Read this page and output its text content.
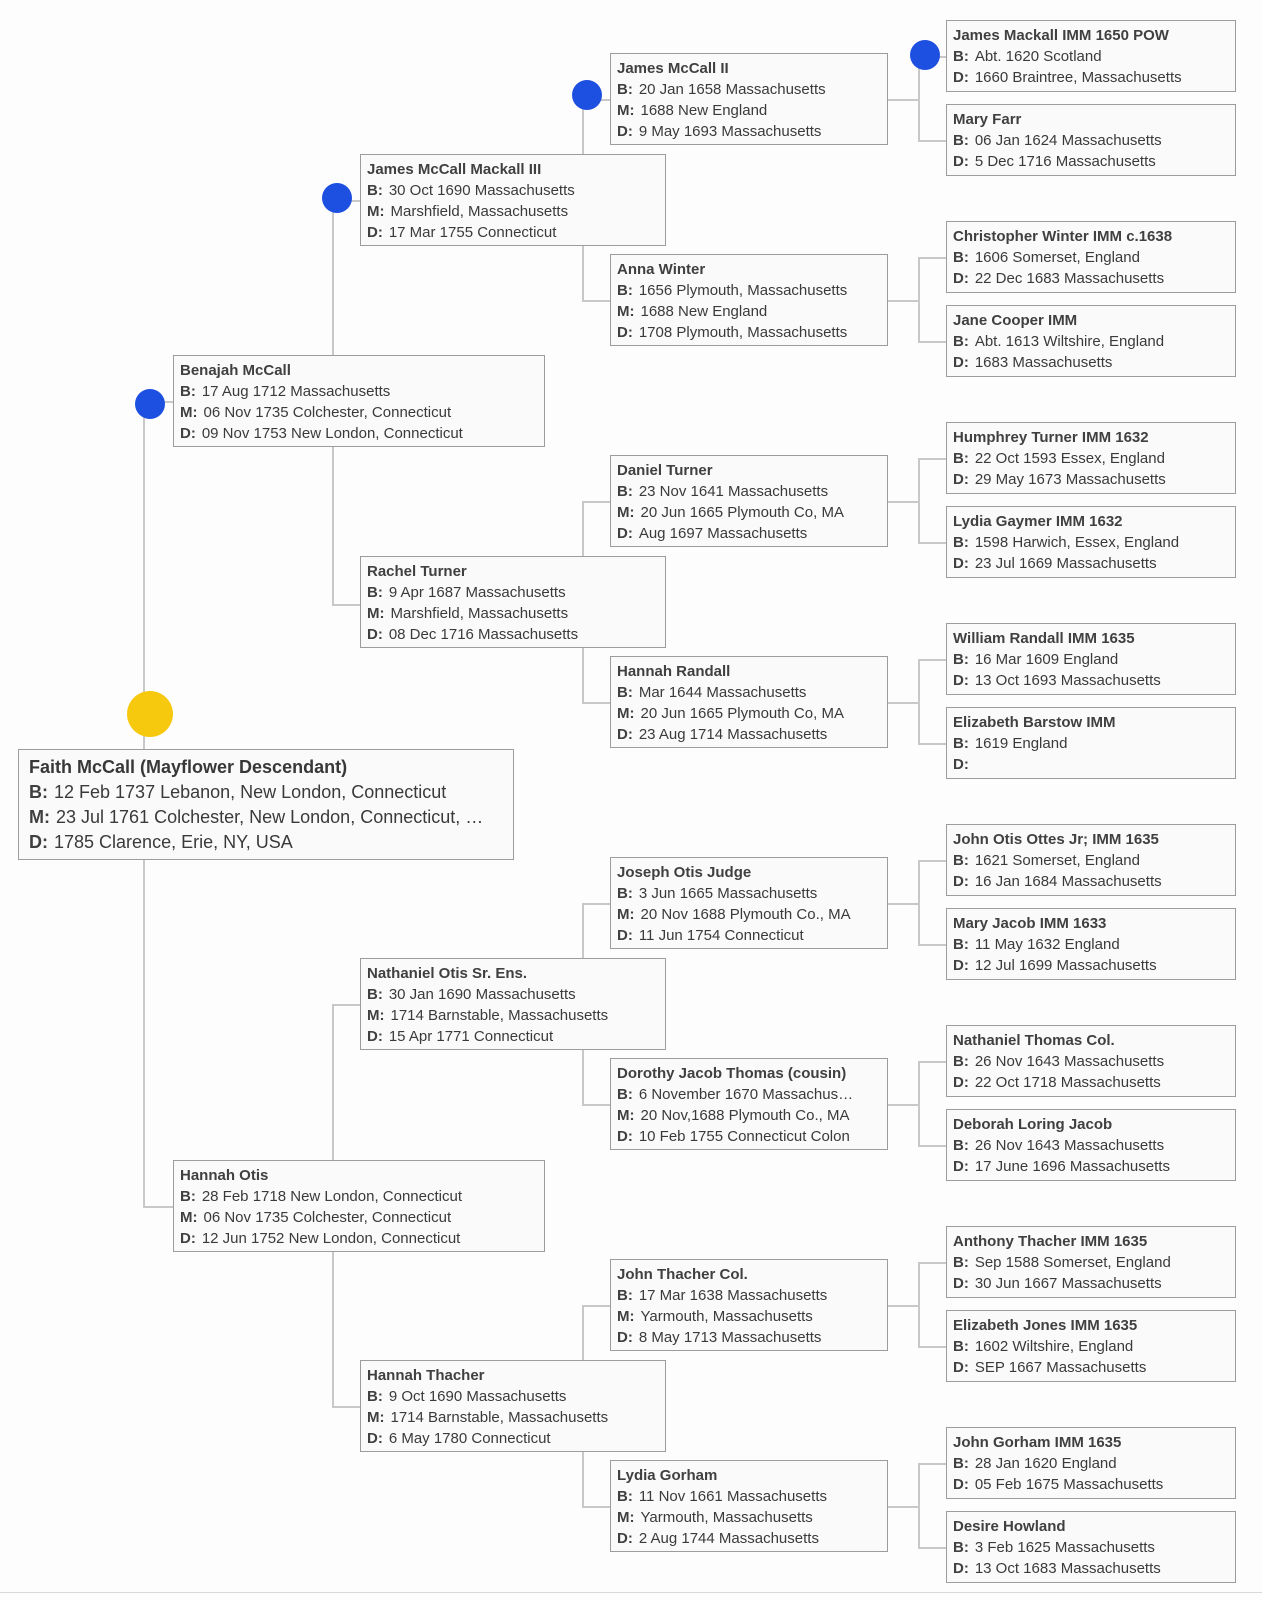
Faith McCall (Mayflower Descendant)
B: 12 Feb 1737 Lebanon, New London, Connecticut
M: 23 Jul 1761 Colchester, New London, Connecticut, …
D: 1785 Clarence, Erie, NY, USA
Benajah McCall
B: 17 Aug 1712 Massachusetts
M: 06 Nov 1735 Colchester, Connecticut
D: 09 Nov 1753 New London, Connecticut
Hannah Otis
B: 28 Feb 1718 New London, Connecticut
M: 06 Nov 1735 Colchester, Connecticut
D: 12 Jun 1752 New London, Connecticut
James McCall Mackall III
B: 30 Oct 1690 Massachusetts
M: Marshfield, Massachusetts
D: 17 Mar 1755 Connecticut
Rachel Turner
B: 9 Apr 1687 Massachusetts
M: Marshfield, Massachusetts
D: 08 Dec 1716 Massachusetts
Nathaniel Otis Sr. Ens.
B: 30 Jan 1690 Massachusetts
M: 1714 Barnstable, Massachusetts
D: 15 Apr 1771 Connecticut
Hannah Thacher
B: 9 Oct 1690 Massachusetts
M: 1714 Barnstable, Massachusetts
D: 6 May 1780 Connecticut
James McCall II
B: 20 Jan 1658 Massachusetts
M: 1688 New England
D: 9 May 1693 Massachusetts
Anna Winter
B: 1656 Plymouth, Massachusetts
M: 1688 New England
D: 1708 Plymouth, Massachusetts
Daniel Turner
B: 23 Nov 1641 Massachusetts
M: 20 Jun 1665 Plymouth Co, MA
D: Aug 1697 Massachusetts
Hannah Randall
B: Mar 1644 Massachusetts
M: 20 Jun 1665 Plymouth Co, MA
D: 23 Aug 1714 Massachusetts
Joseph Otis Judge
B: 3 Jun 1665 Massachusetts
M: 20 Nov 1688 Plymouth Co., MA
D: 11 Jun 1754 Connecticut
Dorothy Jacob Thomas (cousin)
B: 6 November 1670 Massachus…
M: 20 Nov,1688 Plymouth Co., MA
D: 10 Feb 1755 Connecticut Colon
John Thacher Col.
B: 17 Mar 1638 Massachusetts
M: Yarmouth, Massachusetts
D: 8 May 1713 Massachusetts
Lydia Gorham
B: 11 Nov 1661 Massachusetts
M: Yarmouth, Massachusetts
D: 2 Aug 1744 Massachusetts
James Mackall IMM 1650 POW
B: Abt. 1620 Scotland
D: 1660 Braintree, Massachusetts
Mary Farr
B: 06 Jan 1624 Massachusetts
D: 5 Dec 1716 Massachusetts
Christopher Winter IMM c.1638
B: 1606 Somerset, England
D: 22 Dec 1683 Massachusetts
Jane Cooper IMM
B: Abt. 1613 Wiltshire, England
D: 1683 Massachusetts
Humphrey Turner IMM 1632
B: 22 Oct 1593 Essex, England
D: 29 May 1673 Massachusetts
Lydia Gaymer IMM 1632
B: 1598 Harwich, Essex, England
D: 23 Jul 1669 Massachusetts
William Randall IMM 1635
B: 16 Mar 1609 England
D: 13 Oct 1693 Massachusetts
Elizabeth Barstow IMM
B: 1619 England
D:
John Otis Ottes Jr; IMM 1635
B: 1621 Somerset, England
D: 16 Jan 1684 Massachusetts
Mary Jacob IMM 1633
B: 11 May 1632 England
D: 12 Jul 1699 Massachusetts
Nathaniel Thomas Col.
B: 26 Nov 1643 Massachusetts
D: 22 Oct 1718 Massachusetts
Deborah Loring Jacob
B: 26 Nov 1643 Massachusetts
D: 17 June 1696 Massachusetts
Anthony Thacher IMM 1635
B: Sep 1588 Somerset, England
D: 30 Jun 1667 Massachusetts
Elizabeth Jones IMM 1635
B: 1602 Wiltshire, England
D: SEP 1667 Massachusetts
John Gorham IMM 1635
B: 28 Jan 1620 England
D: 05 Feb 1675 Massachusetts
Desire Howland
B: 3 Feb 1625 Massachusetts
D: 13 Oct 1683 Massachusetts
